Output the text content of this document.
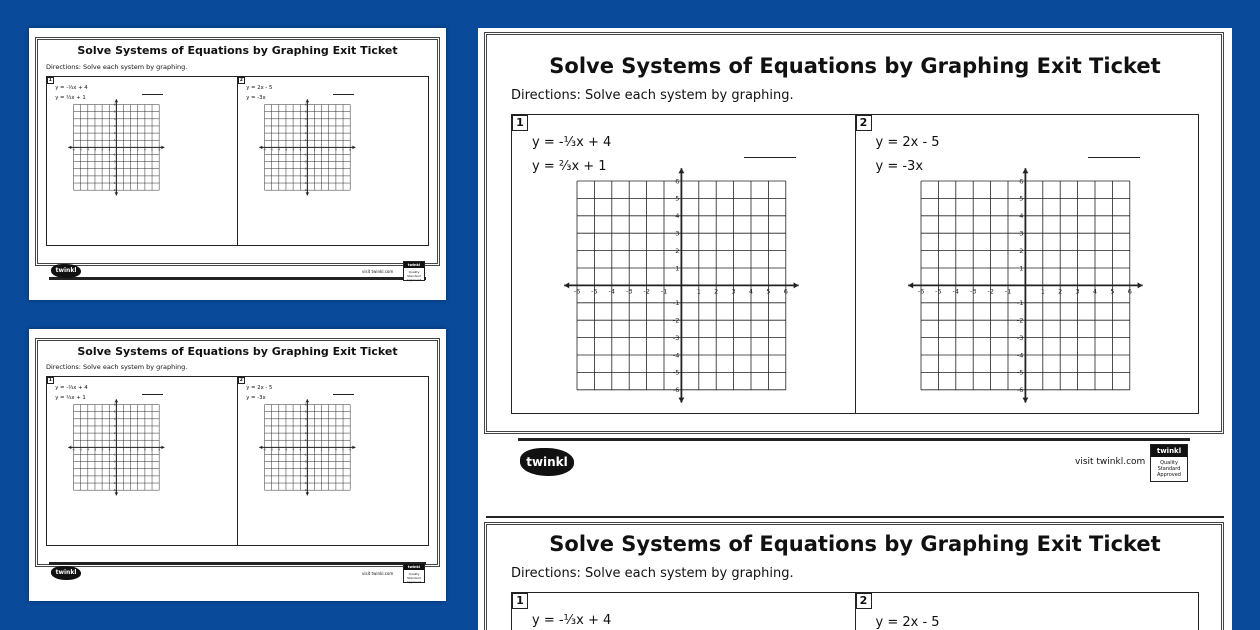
Solve Systems of Equations by Graphing Exit Ticket
Directions: Solve each system by graphing.
1
y = -⅓x + 4
y = ⅔x + 1
-6 -5 -4 -3 -2 -1	1 2 3 4 5 6
6
5
4
3
2
1
-1
-2
-3
-4
-5
-6
2
y = 2x - 5
y = -3x
-6 -5 -4 -3 -2 -1	1 2 3 4 5 6
6
5
4
3
2
1
-1
-2
-3
-4
-5
-6
twinkl	visit twinkl.com
twinkl
Quality Standard Approved
Solve Systems of Equations by Graphing Exit Ticket
Directions: Solve each system by graphing.
1
y = -⅓x + 4
y = ⅔x + 1
-6 -5 -4 -3 -2 -1	1 2 3 4 5 6
6
5
4
3
2
1
-1
-2
-3
-4
-5
-6
2
y = 2x - 5
y = -3x
-6 -5 -4 -3 -2 -1	1 2 3 4 5 6
6
5
4
3
2
1
-1
-2
-3
-4
-5
-6
twinkl	visit twinkl.com
twinkl
Quality Standard Approved
Solve Systems of Equations by Graphing Exit Ticket
Directions: Solve each system by graphing.
1
y = -⅓x + 4
y = ⅔x + 1
-6 -5 -4 -3 -2 -1	1 2 3 4 5 6
6
5
4
3
2
1
-1
-2
-3
-4
-5
-6
2
y = 2x - 5
y = -3x
-6 -5 -4 -3 -2 -1	1 2 3 4 5 6
6
5
4
3
2
1
-1
-2
-3
-4
-5
-6
twinkl	visit twinkl.com
twinkl
Quality Standard Approved
Solve Systems of Equations by Graphing Exit Ticket
Directions: Solve each system by graphing.
1
y = -⅓x + 4
2
y = 2x - 5
